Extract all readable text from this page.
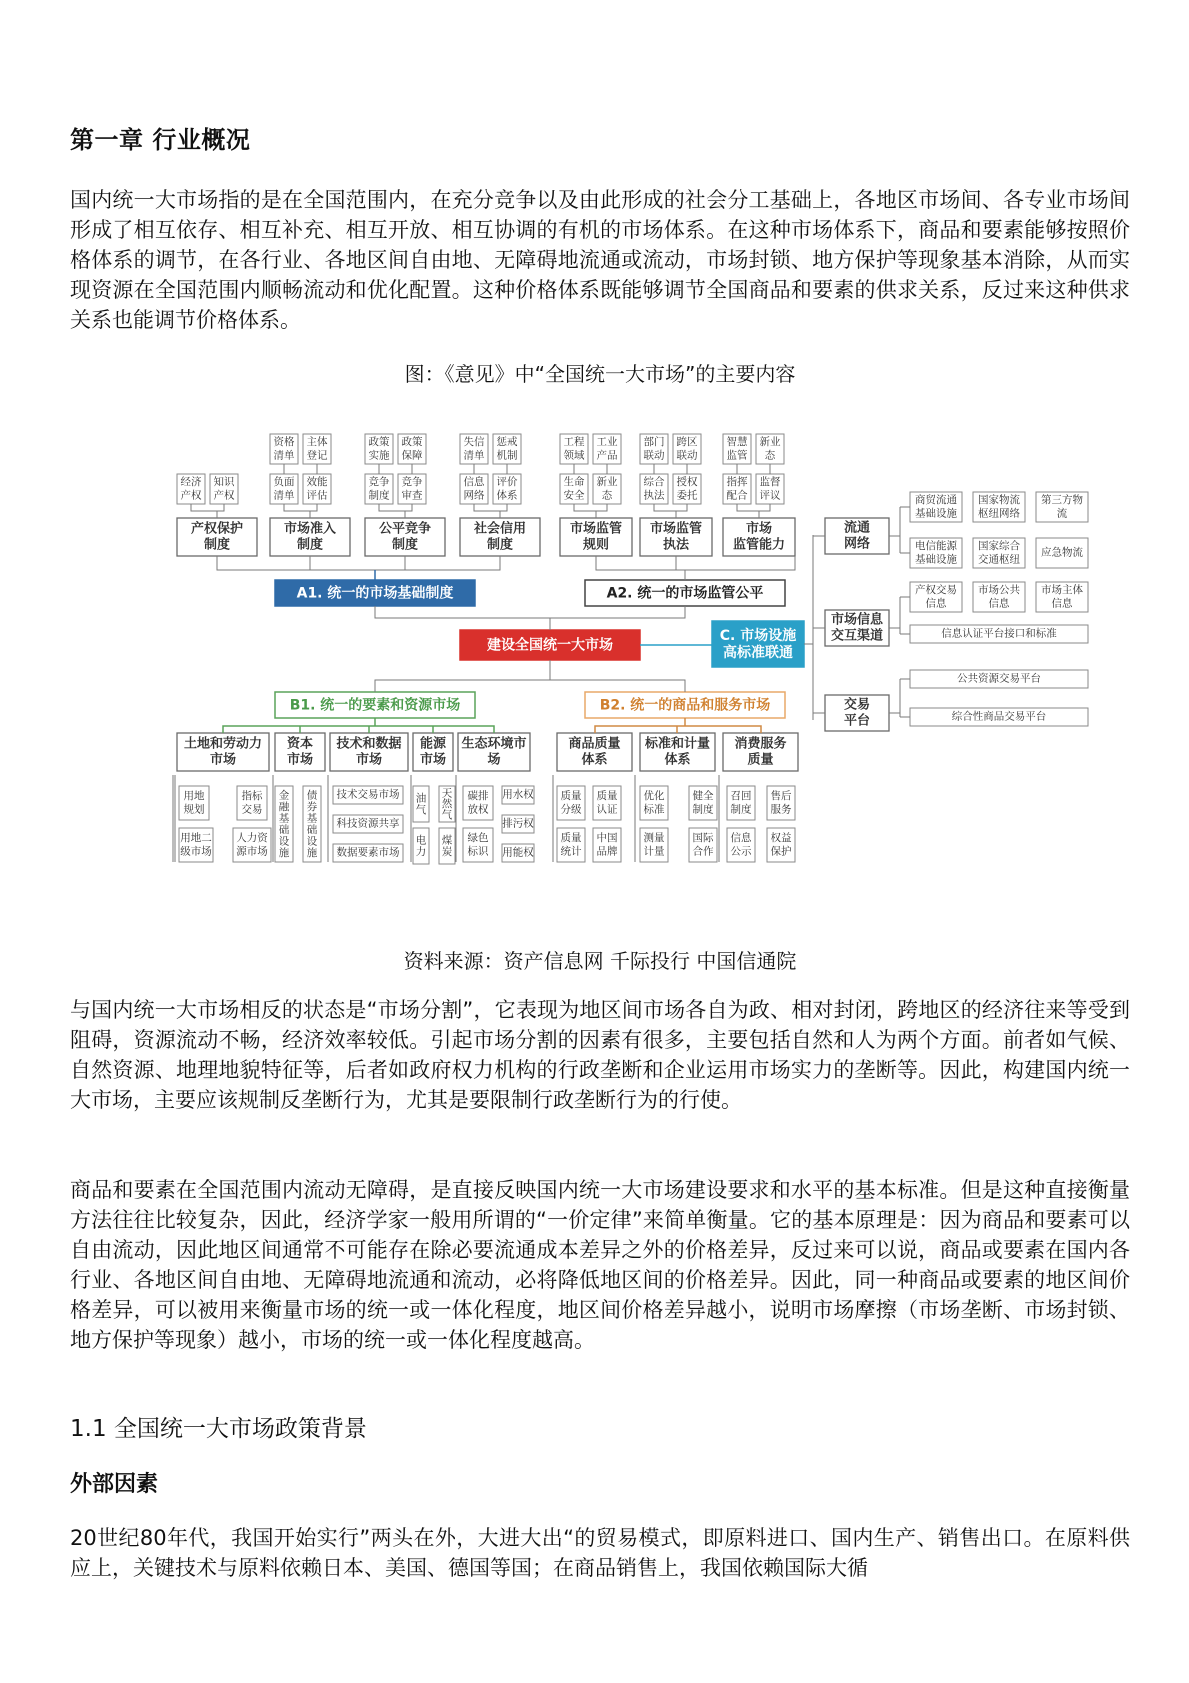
第一章 行业概况

国内统一大市场指的是在全国范围内，在充分竞争以及由此形成的社会分工基础上，各地区市场间、各专业市场间形成了相互依存、相互补充、相互开放、相互协调的有机的市场体系。在这种市场体系下，商品和要素能够按照价格体系的调节，在各行业、各地区间自由地、无障碍地流通或流动，市场封锁、地方保护等现象基本消除，从而实现资源在全国范围内顺畅流动和优化配置。这种价格体系既能够调节全国商品和要素的供求关系，反过来这种供求关系也能调节价格体系。

图：《意见》中“全国统一大市场”的主要内容
资格
清单
主体
登记
政策
实施
政策
保障
失信
清单
惩戒
机制
工程
领域
工业
产品
部门
联动
跨区
联动
智慧
监管
新业
态
经济
产权
知识
产权
负面
清单
效能
评估
竞争
制度
竞争
审查
信息
网络
评价
体系
生命
安全
新业
态
综合
执法
授权
委托
指挥
配合
监督
评议
产权保护
制度
市场准入
制度
公平竞争
制度
社会信用
制度
市场监管
规则
市场监管
执法
市场
监管能力
A1. 统一的市场基础制度	A2. 统一的市场监管公平
建设全国统一大市场
C. 市场设施
高标准联通
B1. 统一的要素和资源市场	B2. 统一的商品和服务市场
土地和劳动力
市场
资本
市场
技术和数据
市场
能源
市场
生态环境市
场
商品质量
体系
标准和计量
体系
消费服务
质量
用地
规划
用地二
级市场
指标
交易
人力资
源市场
金
融
基
础
设
施
债
券
基
础
设
施
技术交易市场
科技资源共享
数据要素市场
油
气
电
力
天
然
气
煤
炭
碳排
放权
绿色
标识
用水权
排污权
用能权
质量
分级
质量
统计
质量
认证
中国
品牌
优化
标准
测量
计量
健全
制度
国际
合作
召回
制度
信息
公示
售后
服务
权益
保护
流通
网络
市场信息
交互渠道
交易
平台
商贸流通
基础设施
国家物流
枢纽网络
第三方物
流
电信能源
基础设施
国家综合
交通枢纽
应急物流
产权交易
信息
市场公共
信息
市场主体
信息
信息认证平台接口和标准
公共资源交易平台
综合性商品交易平台
资料来源：资产信息网 千际投行 中国信通院

与国内统一大市场相反的状态是“市场分割”，它表现为地区间市场各自为政、相对封闭，跨地区的经济往来等受到阻碍，资源流动不畅，经济效率较低。引起市场分割的因素有很多，主要包括自然和人为两个方面。前者如气候、自然资源、地理地貌特征等，后者如政府权力机构的行政垄断和企业运用市场实力的垄断等。因此，构建国内统一大市场，主要应该规制反垄断行为，尤其是要限制行政垄断行为的行使。

商品和要素在全国范围内流动无障碍，是直接反映国内统一大市场建设要求和水平的基本标准。但是这种直接衡量方法往往比较复杂，因此，经济学家一般用所谓的“一价定律”来简单衡量。它的基本原理是：因为商品和要素可以自由流动，因此地区间通常不可能存在除必要流通成本差异之外的价格差异，反过来可以说，商品或要素在国内各行业、各地区间自由地、无障碍地流通和流动，必将降低地区间的价格差异。因此，同一种商品或要素的地区间价格差异，可以被用来衡量市场的统一或一体化程度，地区间价格差异越小，说明市场摩擦（市场垄断、市场封锁、地方保护等现象）越小，市场的统一或一体化程度越高。

1.1 全国统一大市场政策背景
外部因素

20世纪80年代，我国开始实行”两头在外，大进大出“的贸易模式，即原料进口、国内生产、销售出口。在原料供应上，关键技术与原料依赖日本、美国、德国等国；在商品销售上，我国依赖国际大循
